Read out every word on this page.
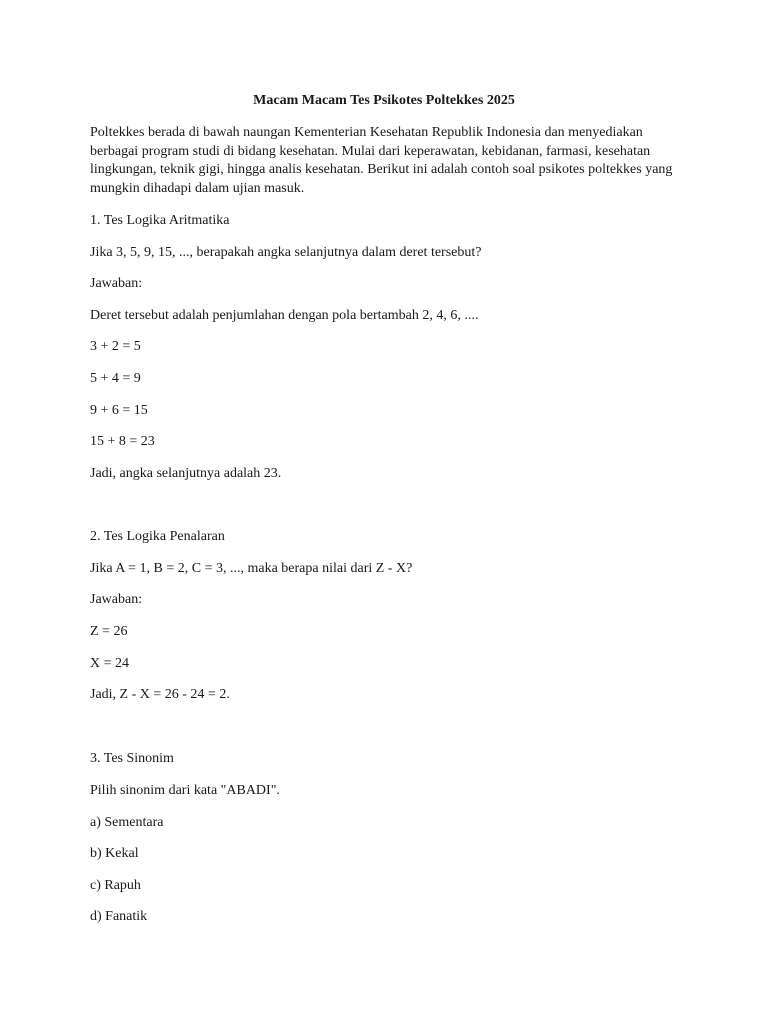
Macam Macam Tes Psikotes Poltekkes 2025

Poltekkes berada di bawah naungan Kementerian Kesehatan Republik Indonesia dan menyediakan berbagai program studi di bidang kesehatan. Mulai dari keperawatan, kebidanan, farmasi, kesehatan lingkungan, teknik gigi, hingga analis kesehatan. Berikut ini adalah contoh soal psikotes poltekkes yang mungkin dihadapi dalam ujian masuk.

1. Tes Logika Aritmatika

Jika 3, 5, 9, 15, ..., berapakah angka selanjutnya dalam deret tersebut?

Jawaban:

Deret tersebut adalah penjumlahan dengan pola bertambah 2, 4, 6, ....

3 + 2 = 5

5 + 4 = 9

9 + 6 = 15

15 + 8 = 23

Jadi, angka selanjutnya adalah 23.

2. Tes Logika Penalaran

Jika A = 1, B = 2, C = 3, ..., maka berapa nilai dari Z - X?

Jawaban:

Z = 26

X = 24

Jadi, Z - X = 26 - 24 = 2.

3. Tes Sinonim

Pilih sinonim dari kata "ABADI".

a) Sementara

b) Kekal

c) Rapuh

d) Fanatik
